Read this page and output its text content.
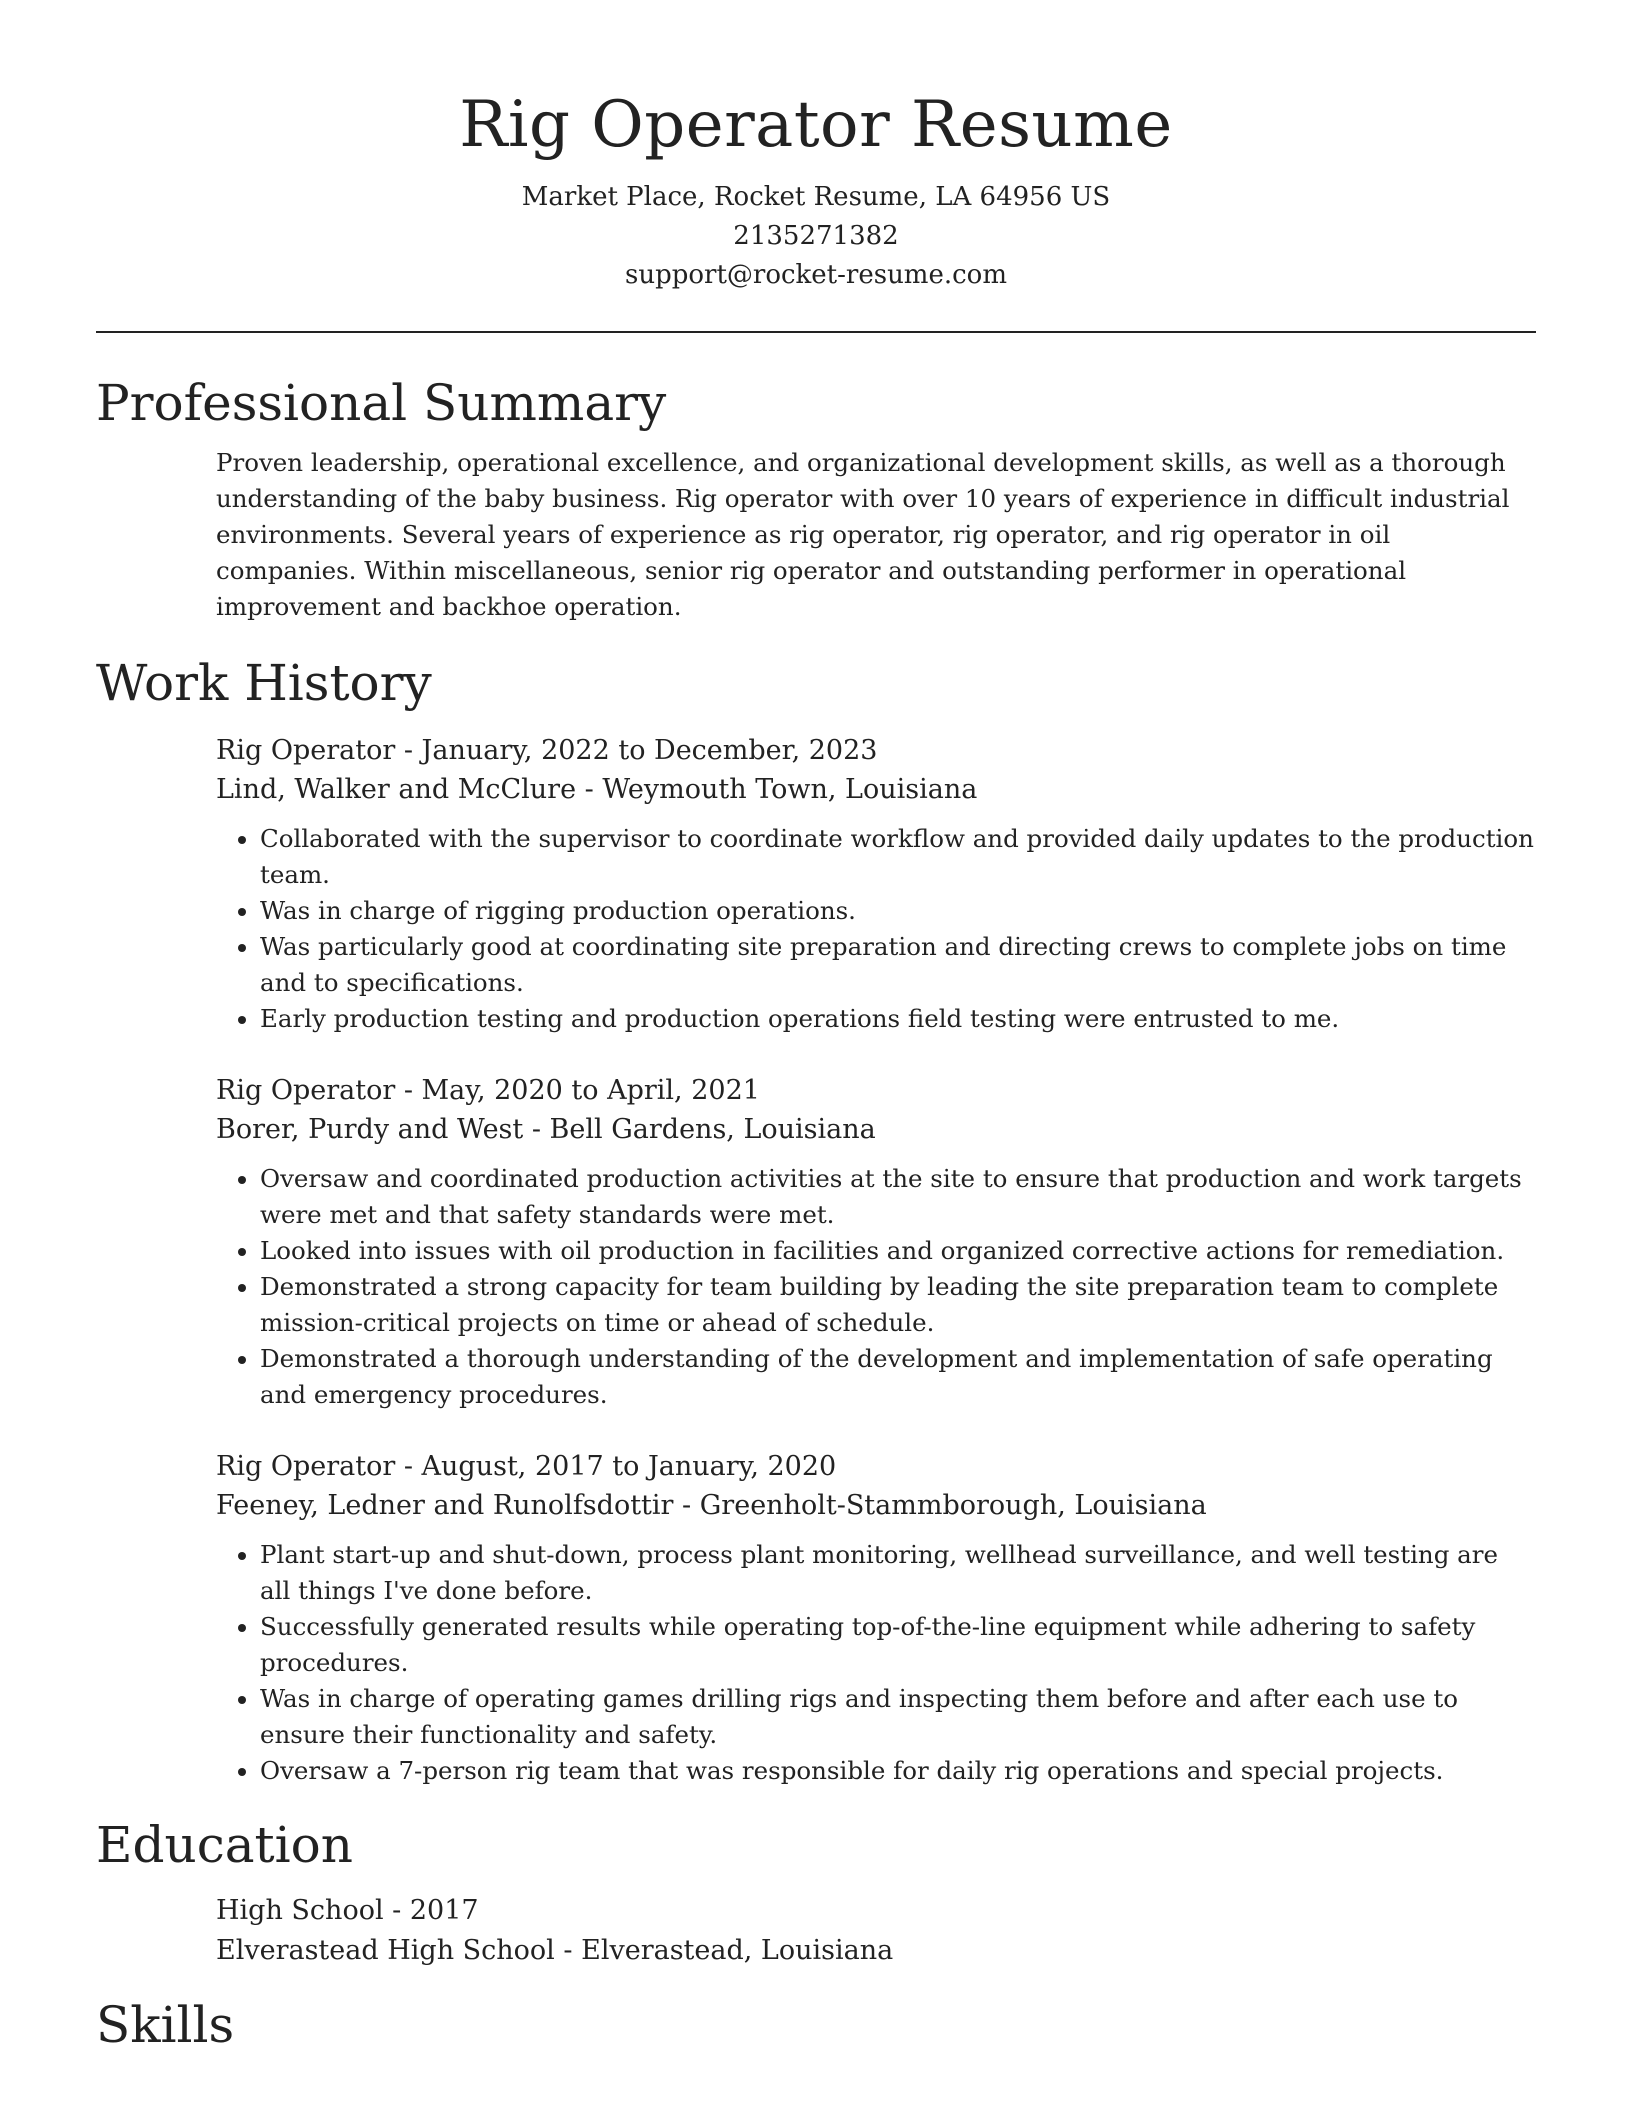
Rig Operator Resume
Market Place, Rocket Resume, LA 64956 US
2135271382
support@rocket-resume.com
Professional Summary

Proven leadership, operational excellence, and organizational development skills, as well as a thorough understanding of the baby business. Rig operator with over 10 years of experience in difficult industrial environments. Several years of experience as rig operator, rig operator, and rig operator in oil companies. Within miscellaneous, senior rig operator and outstanding performer in operational improvement and backhoe operation.

Work History
Rig Operator - January, 2022 to December, 2023
Lind, Walker and McClure - Weymouth Town, Louisiana
• Collaborated with the supervisor to coordinate workflow and provided daily updates to the production team.
• Was in charge of rigging production operations.
• Was particularly good at coordinating site preparation and directing crews to complete jobs on time and to specifications.
• Early production testing and production operations field testing were entrusted to me.
Rig Operator - May, 2020 to April, 2021
Borer, Purdy and West - Bell Gardens, Louisiana
• Oversaw and coordinated production activities at the site to ensure that production and work targets were met and that safety standards were met.
• Looked into issues with oil production in facilities and organized corrective actions for remediation.
• Demonstrated a strong capacity for team building by leading the site preparation team to complete mission-critical projects on time or ahead of schedule.
• Demonstrated a thorough understanding of the development and implementation of safe operating and emergency procedures.
Rig Operator - August, 2017 to January, 2020
Feeney, Ledner and Runolfsdottir - Greenholt-Stammborough, Louisiana
• Plant start-up and shut-down, process plant monitoring, wellhead surveillance, and well testing are all things I've done before.
• Successfully generated results while operating top-of-the-line equipment while adhering to safety procedures.
• Was in charge of operating games drilling rigs and inspecting them before and after each use to ensure their functionality and safety.
• Oversaw a 7-person rig team that was responsible for daily rig operations and special projects.
Education
High School - 2017
Elverastead High School - Elverastead, Louisiana
Skills
